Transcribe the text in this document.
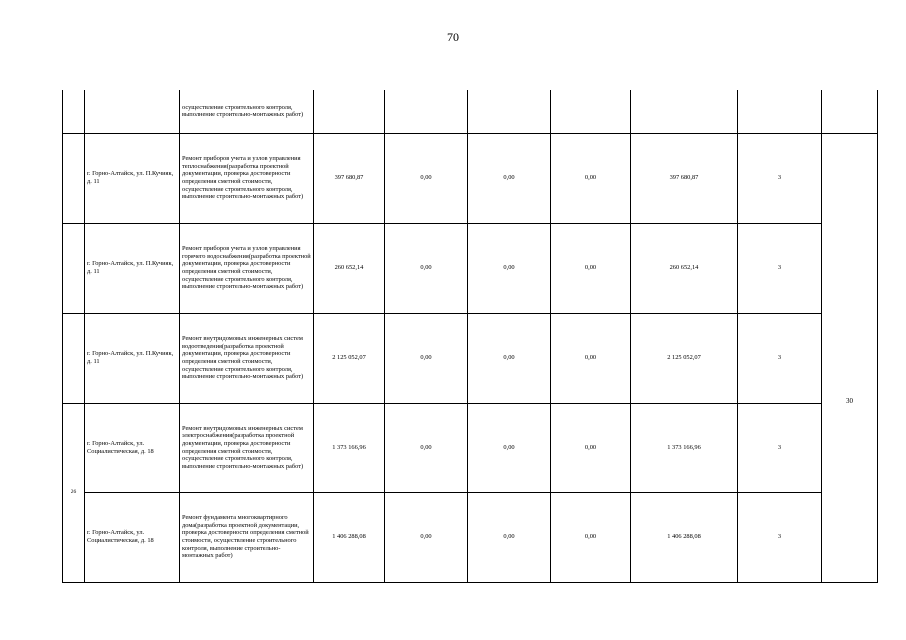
70
		осуществление строительного контроля, выполнение строительно-монтажных работ)							
	г. Горно-Алтайск, ул. П.Кучияк, д. 11	Ремонт приборов учета и узлов управления теплоснабжения(разработка проектной документации, проверка достоверности определения сметной стоимости, осуществление строительного контроля, выполнение строительно-монтажных работ)	397 680,87	0,00	0,00	0,00	397 680,87	3	30
	г. Горно-Алтайск, ул. П.Кучияк, д. 11	Ремонт приборов учета и узлов управления горячего водоснабжения(разработка проектной документации, проверка достоверности определения сметной стоимости, осуществление строительного контроля, выполнение строительно-монтажных работ)	260 652,14	0,00	0,00	0,00	260 652,14	3	
	г. Горно-Алтайск, ул. П.Кучияк, д. 11	Ремонт внутридомовых инженерных систем водоотведения(разработка проектной документации, проверка достоверности определения сметной стоимости, осуществление строительного контроля, выполнение строительно-монтажных работ)	2 125 052,07	0,00	0,00	0,00	2 125 052,07	3	
26	г. Горно-Алтайск, ул. Социалистическая, д. 18	Ремонт внутридомовых инженерных систем электроснабжения(разработка проектной документации, проверка достоверности определения сметной стоимости, осуществление строительного контроля, выполнение строительно-монтажных работ)	1 373 166,96	0,00	0,00	0,00	1 373 166,96	3	
	г. Горно-Алтайск, ул. Социалистическая, д. 18	Ремонт фундамента многоквартирного дома(разработка проектной документации, проверка достоверности определения сметной стоимости, осуществление строительного контроля, выполнение строительно-монтажных работ)	1 406 288,08	0,00	0,00	0,00	1 406 288,08	3	
